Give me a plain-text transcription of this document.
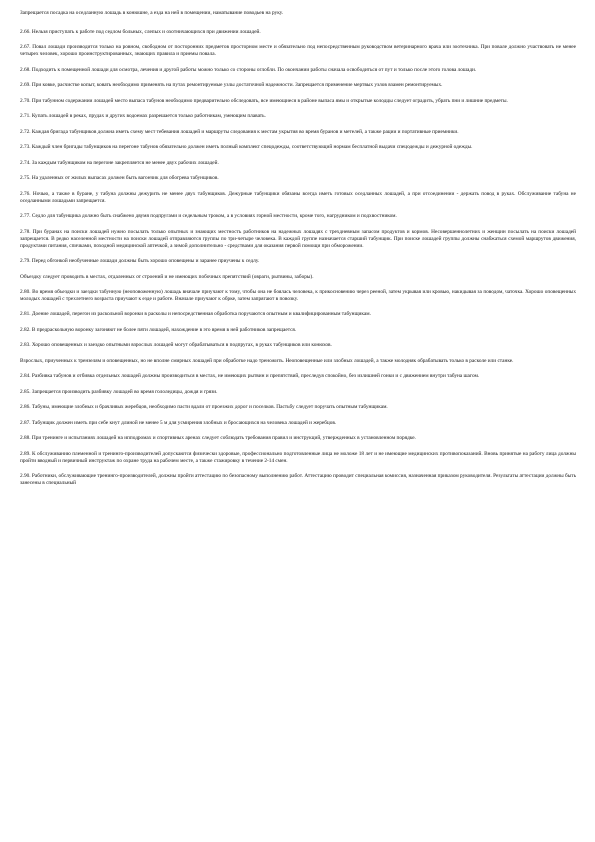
Запрещается посадка на оседланную лошадь в конюшне, а езда на ней в помещении, наматывание поводьев на руку.

2.66. Нельзя приступать к работе под седлом больных, слепых и охотничающихся при движении лошадей.

2.67. Повал лошади производится только на ровном, свободном от посторонних предметов просторном месте и обязательно под непосредственным руководством ветеринарного врача или зоотехника. При повале должно участвовать не менее четырех человек, хорошо проинструктированных, знающих правила и приемы повала.

2.68. Подходить к помещенной лошади для осмотра, лечения и другой работы можно только со стороны оглобли. По окончании работы сначала освободиться от пут и только после этого голова лошади.

2.69. При ковке, расчистке копыт, ковать необходимо применять на путах ремонтируемые узлы достаточной надежности. Запрещается применение мертвых узлов взамен ремонтируемых.

2.70. При табунном содержании лошадей место выпаса табунов необходимо предварительно обследовать, все имеющиеся в районе выпаса ямы и открытые колодцы следует оградить, убрать пни и лишние предметы.

2.71. Купать лошадей в реках, прудах и других водоемах разрешается только работникам, умеющим плавать.

2.72. Каждая бригада табунщиков должна иметь схему мест тебевания лошадей и маршруты следования к местам укрытия во время буранов и метелей, а также рации и портативные приемники.

2.73. Каждый член бригады табунщиков на перегоне табунов обязательно должен иметь полный комплект спецодежды, соответствующий нормам бесплатной выдачи спецодежды и дежурной одежды.

2.74. За каждым табунщиком на перегоне закрепляется не менее двух рабочих лошадей.

2.75. На удаленных от жилых выпасах должен быть вагончик для обогрева табунщиков.

2.76. Ночью, а также в буране, у табуна должны дежурить не менее двух табунщиков. Дежурные табунщики обязаны всегда иметь готовых оседланных лошадей, а при отсоединении - держать повод в руках. Обслуживание табуна не оседланными лошадьми запрещается.

2.77. Седло для табунщика должно быть снабжено двумя подпругами и седельным троком, а в условиях горной местности, кроме того, нагрудником и подхвостником.

2.78. При буранах на поиски лошадей нужно посылать только опытных и знающих местность работников на надежных лошадях с трехдневным запасом продуктов и кормов. Несовершеннолетних и женщин посылать на поиски лошадей запрещается. В редко населенной местности на поиски лошадей отправляются группы по три-четыре человека. В каждой группе назначается старший табунщик. При поиске лошадей группы должны снабжаться схемой маршрутов движения, продуктами питания, спичками, походной медицинской аптечкой, а зимой дополнительно - средствами для оказания первой помощи при обморожении.

2.79. Перед обгонкой необученные лошади должны быть хорошо оповещены и заранее приучены к седлу.

Объездку следует проводить в местах, отдаленных от строений и не имеющих побочных препятствий (овраги, рытвины, заборы).

2.80. Во время объездки и заездки табунную (неоповоженную) лошадь вначале приучают к тому, чтобы она не боялась человека, к прикосновению через рееной, затем укрывая или кровью, накидывая за поводом, чаточка. Хорошо оповещенных молодых лошадей с трехлетнего возраста приучают к езде и работе. Вначале приучают к обрке, затем запрягают в повозку.

2.81. Доение лошадей, перегон из раскольной воронки в расколы и непосредственная обработка поручаются опытным и квалифицированным табунщикам.

2.82. В предраскольную воронку загоняют не более пяти лошадей, нахождение в это время в ней работников запрещается.

2.83. Хорошо оповещенных и заездко опытными взрослых лошадей могут обрабатываться в подпругах, в руках табунщиков или конюхов.

Взрослых, приученных к трензелям и оповещенных, но не вполне смирных лошадей при обработке надо треножить. Неоповещенные или злобных лошадей, а также молодняк обрабатывать только в расколе или станке.

2.84. Разбивка табунов и отбивка отдельных лошадей должны производиться в местах, не имеющих рытвин и препятствий, преследуя спокойно, без излишней гонки и с движением внутри табуна шагом.

2.85. Запрещается производить разбивку лошадей во время гололедицы, дождя и грязи.

2.86. Табуны, имеющие злобных и брачливых жеребцов, необходимо пасти вдали от проезжих дорог и поселков. Пастьбу следует поручать опытным табунщикам.

2.87. Табунщик должен иметь при себе кнут длиной не менее 5 м для усмирения злобных и бросающихся на человека лошадей и жеребцов.

2.88. При тренинге и испытаниях лошадей на ипподромах и спортивных аренах следует соблюдать требования правил и инструкций, утвержденных в установленном порядке.

2.89. К обслуживанию племенной и тренинго-производителей допускаются физически здоровые, профессионально подготовленные лица не моложе 18 лет и не имеющие медицинских противопоказаний. Вновь принятые на работу лица должны пройти вводный и первичный инструктаж по охране труда на рабочем месте, а также стажировку в течение 2-14 смен.

2.90. Работники, обслуживающие тренинго-производителей, должны пройти аттестацию по безопасному выполнению работ. Аттестацию проводит специальная комиссия, назначенная приказом руководителя. Результаты аттестации должны быть занесены в специальный
